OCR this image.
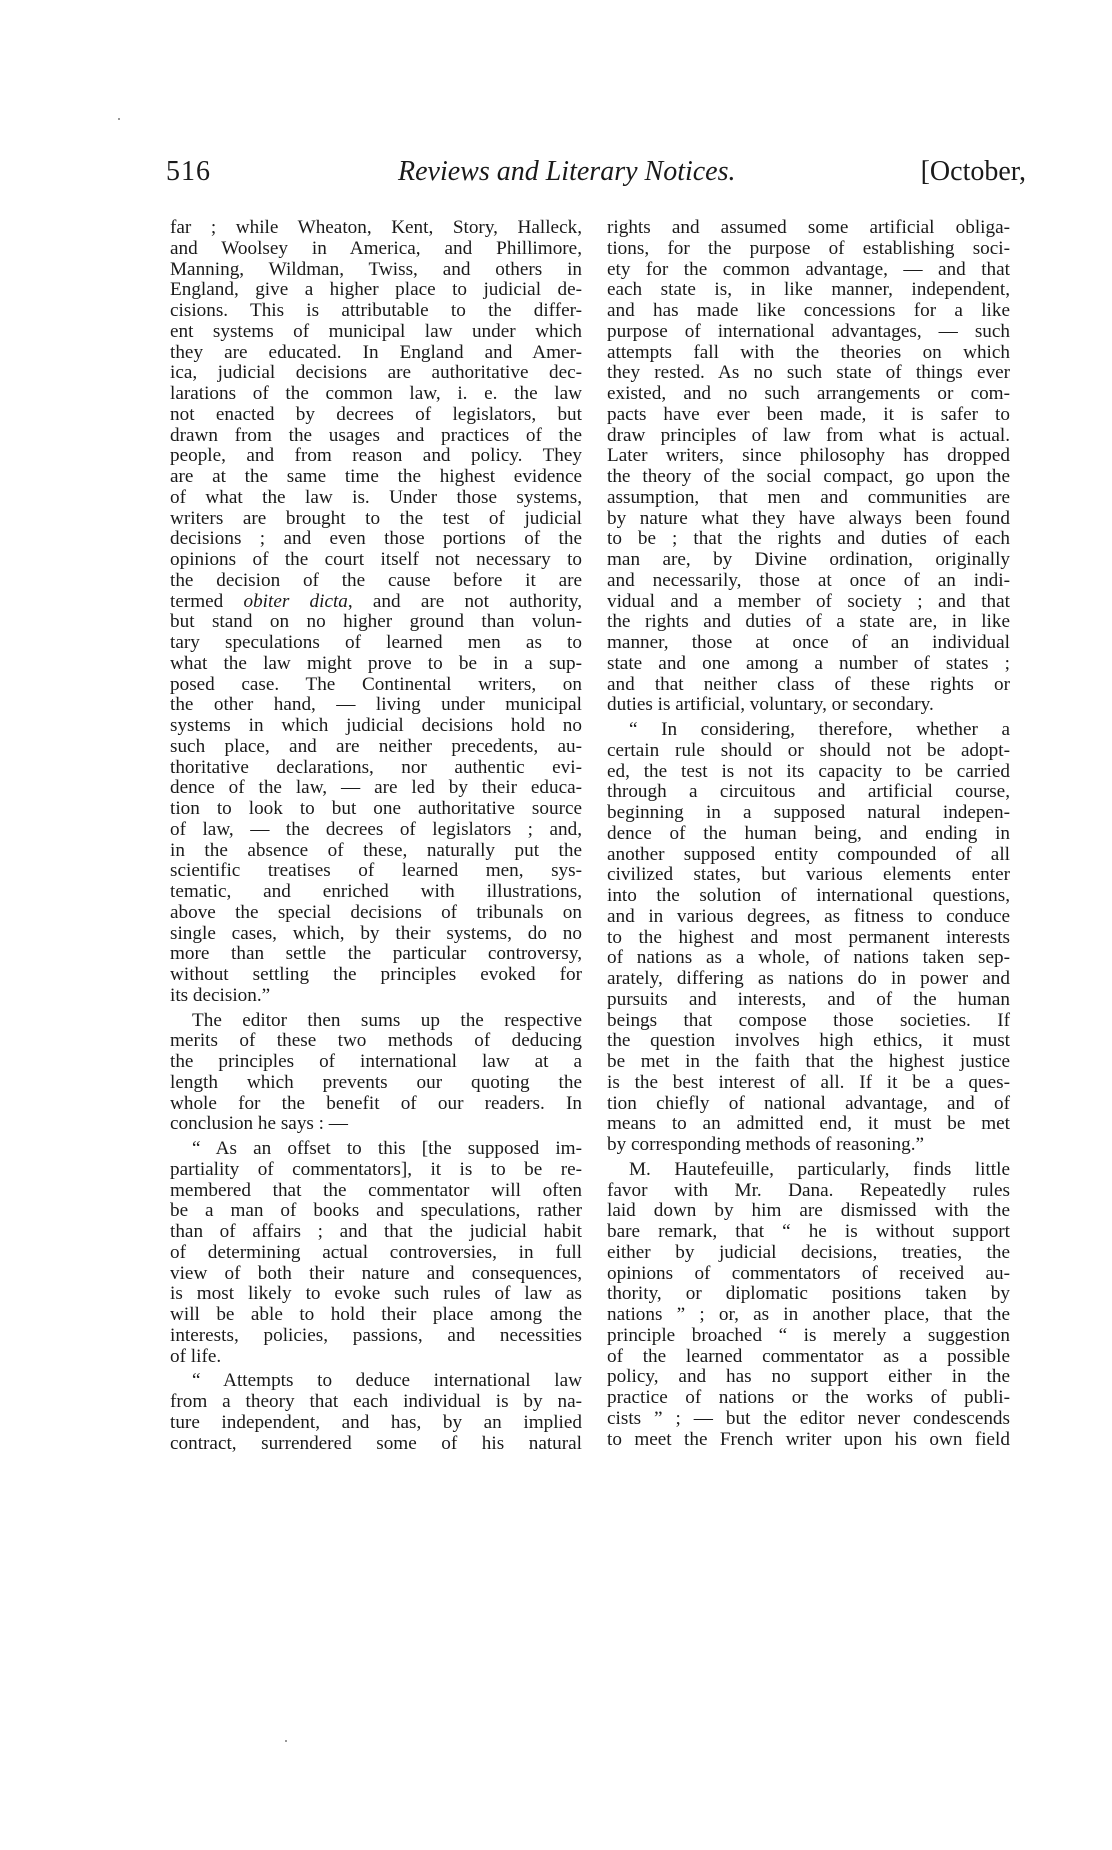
516	Reviews and Literary Notices.	[October,
far ; while Wheaton, Kent, Story, Halleck,
and Woolsey in America, and Phillimore,
Manning, Wildman, Twiss, and others in
England, give a higher place to judicial de-
cisions. This is attributable to the differ-
ent systems of municipal law under which
they are educated. In England and Amer-
ica, judicial decisions are authoritative dec-
larations of the common law, i. e. the law
not enacted by decrees of legislators, but
drawn from the usages and practices of the
people, and from reason and policy. They
are at the same time the highest evidence
of what the law is. Under those systems,
writers are brought to the test of judicial
decisions ; and even those portions of the
opinions of the court itself not necessary to
the decision of the cause before it are
termed obiter dicta, and are not authority,
but stand on no higher ground than volun-
tary speculations of learned men as to
what the law might prove to be in a sup-
posed case. The Continental writers, on
the other hand, — living under municipal
systems in which judicial decisions hold no
such place, and are neither precedents, au-
thoritative declarations, nor authentic evi-
dence of the law, — are led by their educa-
tion to look to but one authoritative source
of law, — the decrees of legislators ; and,
in the absence of these, naturally put the
scientific treatises of learned men, sys-
tematic, and enriched with illustrations,
above the special decisions of tribunals on
single cases, which, by their systems, do no
more than settle the particular controversy,
without settling the principles evoked for
its decision.”
The editor then sums up the respective
merits of these two methods of deducing
the principles of international law at a
length which prevents our quoting the
whole for the benefit of our readers. In
conclusion he says : —
“ As an offset to this [the supposed im-
partiality of commentators], it is to be re-
membered that the commentator will often
be a man of books and speculations, rather
than of affairs ; and that the judicial habit
of determining actual controversies, in full
view of both their nature and consequences,
is most likely to evoke such rules of law as
will be able to hold their place among the
interests, policies, passions, and necessities
of life.
“ Attempts to deduce international law
from a theory that each individual is by na-
ture independent, and has, by an implied
contract, surrendered some of his natural
rights and assumed some artificial obliga-
tions, for the purpose of establishing soci-
ety for the common advantage, — and that
each state is, in like manner, independent,
and has made like concessions for a like
purpose of international advantages, — such
attempts fall with the theories on which
they rested. As no such state of things ever
existed, and no such arrangements or com-
pacts have ever been made, it is safer to
draw principles of law from what is actual.
Later writers, since philosophy has dropped
the theory of the social compact, go upon the
assumption, that men and communities are
by nature what they have always been found
to be ; that the rights and duties of each
man are, by Divine ordination, originally
and necessarily, those at once of an indi-
vidual and a member of society ; and that
the rights and duties of a state are, in like
manner, those at once of an individual
state and one among a number of states ;
and that neither class of these rights or
duties is artificial, voluntary, or secondary.
“ In considering, therefore, whether a
certain rule should or should not be adopt-
ed, the test is not its capacity to be carried
through a circuitous and artificial course,
beginning in a supposed natural indepen-
dence of the human being, and ending in
another supposed entity compounded of all
civilized states, but various elements enter
into the solution of international questions,
and in various degrees, as fitness to conduce
to the highest and most permanent interests
of nations as a whole, of nations taken sep-
arately, differing as nations do in power and
pursuits and interests, and of the human
beings that compose those societies. If
the question involves high ethics, it must
be met in the faith that the highest justice
is the best interest of all. If it be a ques-
tion chiefly of national advantage, and of
means to an admitted end, it must be met
by corresponding methods of reasoning.”
M. Hautefeuille, particularly, finds little
favor with Mr. Dana. Repeatedly rules
laid down by him are dismissed with the
bare remark, that “ he is without support
either by judicial decisions, treaties, the
opinions of commentators of received au-
thority, or diplomatic positions taken by
nations ” ; or, as in another place, that the
principle broached “ is merely a suggestion
of the learned commentator as a possible
policy, and has no support either in the
practice of nations or the works of publi-
cists ” ; — but the editor never condescends
to meet the French writer upon his own field
